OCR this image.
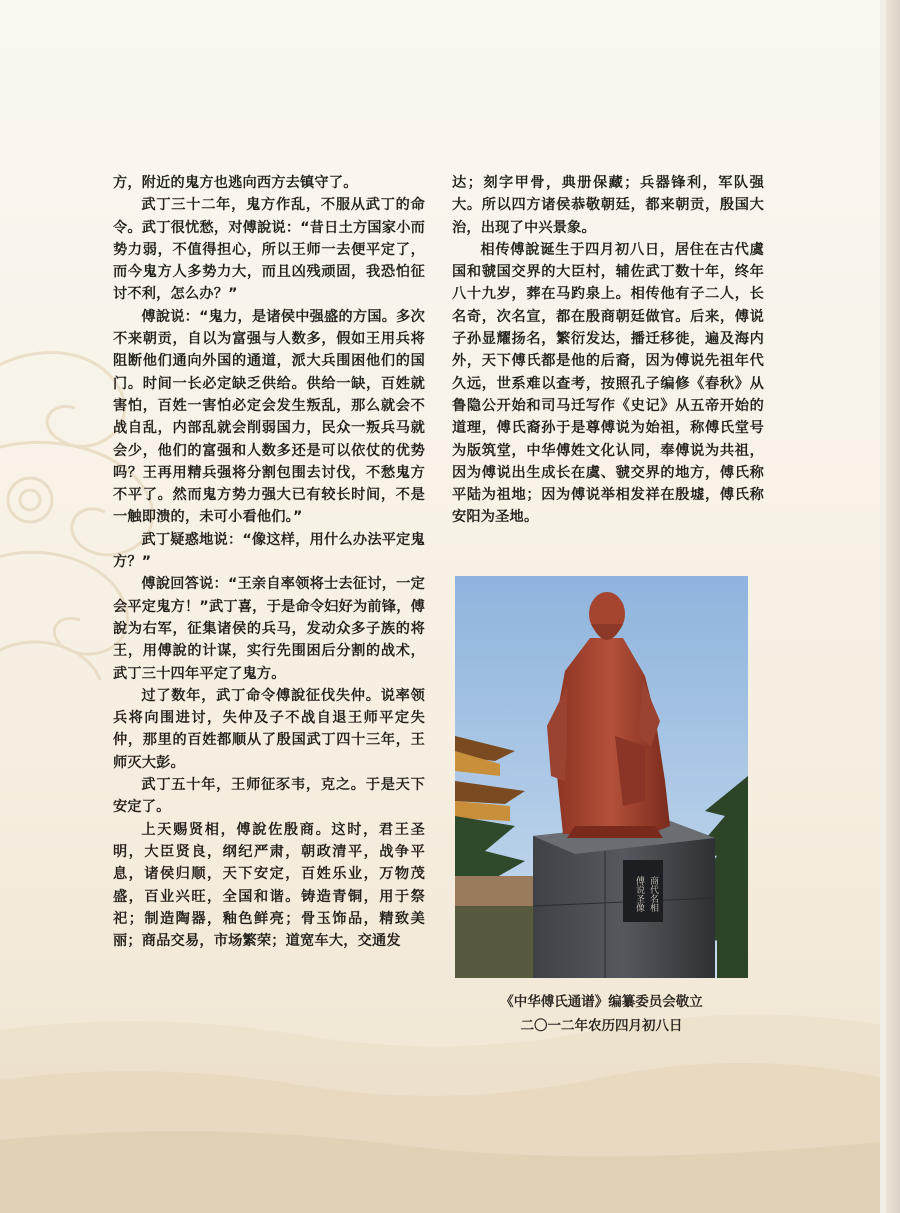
方，附近的鬼方也逃向西方去镇守了。

武丁三十二年，鬼方作乱，不服从武丁的命令。武丁很忧愁，对傅說说：“昔日土方国家小而势力弱，不值得担心，所以王师一去便平定了，而今鬼方人多势力大，而且凶残顽固，我恐怕征讨不利，怎么办？”

傅說说：“鬼力，是诸侯中强盛的方国。多次不来朝贡，自以为富强与人数多，假如王用兵将阻断他们通向外国的通道，派大兵围困他们的国门。时间一长必定缺乏供给。供给一缺，百姓就害怕，百姓一害怕必定会发生叛乱，那么就会不战自乱，内部乱就会削弱国力，民众一叛兵马就会少，他们的富强和人数多还是可以依仗的优势吗？王再用精兵强将分割包围去讨伐，不愁鬼方不平了。然而鬼方势力强大已有较长时间，不是一触即溃的，未可小看他们。”

武丁疑惑地说：“像这样，用什么办法平定鬼方？”

傅說回答说：“王亲自率领将士去征讨，一定会平定鬼方！”武丁喜，于是命令妇好为前锋，傅說为右军，征集诸侯的兵马，发动众多子族的将王，用傅說的计谋，实行先围困后分割的战术，武丁三十四年平定了鬼方。

过了数年，武丁命令傅說征伐失仲。说率领兵将向围进讨，失仲及子不战自退王师平定失仲，那里的百姓都顺从了殷国武丁四十三年，王师灭大彭。

武丁五十年，王师征豕韦，克之。于是天下安定了。

上天赐贤相，傅說佐殷商。这时，君王圣明，大臣贤良，纲纪严肃，朝政清平，战争平息，诸侯归顺，天下安定，百姓乐业，万物茂盛，百业兴旺，全国和谐。铸造青铜，用于祭祀；制造陶器，釉色鲜亮；骨玉饰品，精致美丽；商品交易，市场繁荣；道宽车大，交通发

达；刻字甲骨，典册保藏；兵器锋利，军队强大。所以四方诸侯恭敬朝廷，都来朝贡，殷国大治，出现了中兴景象。

相传傅說诞生于四月初八日，居住在古代虞国和虢国交界的大臣村，辅佐武丁数十年，终年八十九岁，葬在马趵泉上。相传他有子二人，长名奇，次名宣，都在殷商朝廷做官。后来，傅说子孙显耀扬名，繁衍发达，播迁移徙，遍及海内外，天下傅氏都是他的后裔，因为傅说先祖年代久远，世系难以查考，按照孔子编修《春秋》从鲁隐公开始和司马迁写作《史记》从五帝开始的道理，傅氏裔孙于是尊傅说为始祖，称傅氏堂号为版筑堂，中华傅姓文化认同，奉傅说为共祖，因为傅说出生成长在虞、虢交界的地方，傅氏称平陆为祖地；因为傅说举相发祥在殷墟，傅氏称安阳为圣地。

商代名相
傅说圣像
《中华傅氏通谱》编纂委员会敬立
二〇一二年农历四月初八日
